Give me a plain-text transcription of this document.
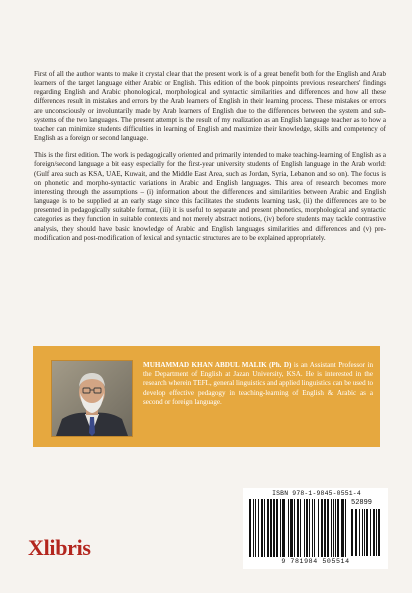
First of all the author wants to make it crystal clear that the present work is of a great benefit both for the English and Arab learners of the target language either Arabic or English. This edition of the book pinpoints previous researchers' findings regarding English and Arabic phonological, morphological and syntactic similarities and differences and how all these differences result in mistakes and errors by the Arab learners of English in their learning process. These mistakes or errors are unconsciously or involuntarily made by Arab learners of English due to the differences between the system and sub-systems of the two languages. The present attempt is the result of my realization as an English language teacher as to how a teacher can minimize students difficulties in learning of English and maximize their knowledge, skills and competency of English as a foreign or second language.

This is the first edition. The work is pedagogically oriented and primarily intended to make teaching-learning of English as a foreign/second language a bit easy especially for the first-year university students of English language in the Arab world: (Gulf area such as KSA, UAE, Kuwait, and the Middle East Area, such as Jordan, Syria, Lebanon and so on). The focus is on phonetic and morpho-syntactic variations in Arabic and English languages. This area of research becomes more interesting through the assumptions – (i) information about the differences and similarities between Arabic and English language is to be supplied at an early stage since this facilitates the students learning task, (ii) the differences are to be presented in pedagogically suitable format, (iii) it is useful to separate and present phonetics, morphological and syntactic categories as they function in suitable contexts and not merely abstract notions, (iv) before students may tackle contrastive analysis, they should have basic knowledge of Arabic and English languages similarities and differences and (v) pre-modification and post-modification of lexical and syntactic structures are to be explained appropriately.

MUHAMMAD KHAN ABDUL MALIK (Ph. D) is an Assistant Professor in the Department of English at Jazan University, KSA. He is interested in the research wherein TEFL, general linguistics and applied linguistics can be used to develop effective pedagogy in teaching-learning of English & Arabic as a second or foreign language.
Xlibris
ISBN 978-1-9845-0551-4
52899
9 781984 505514
